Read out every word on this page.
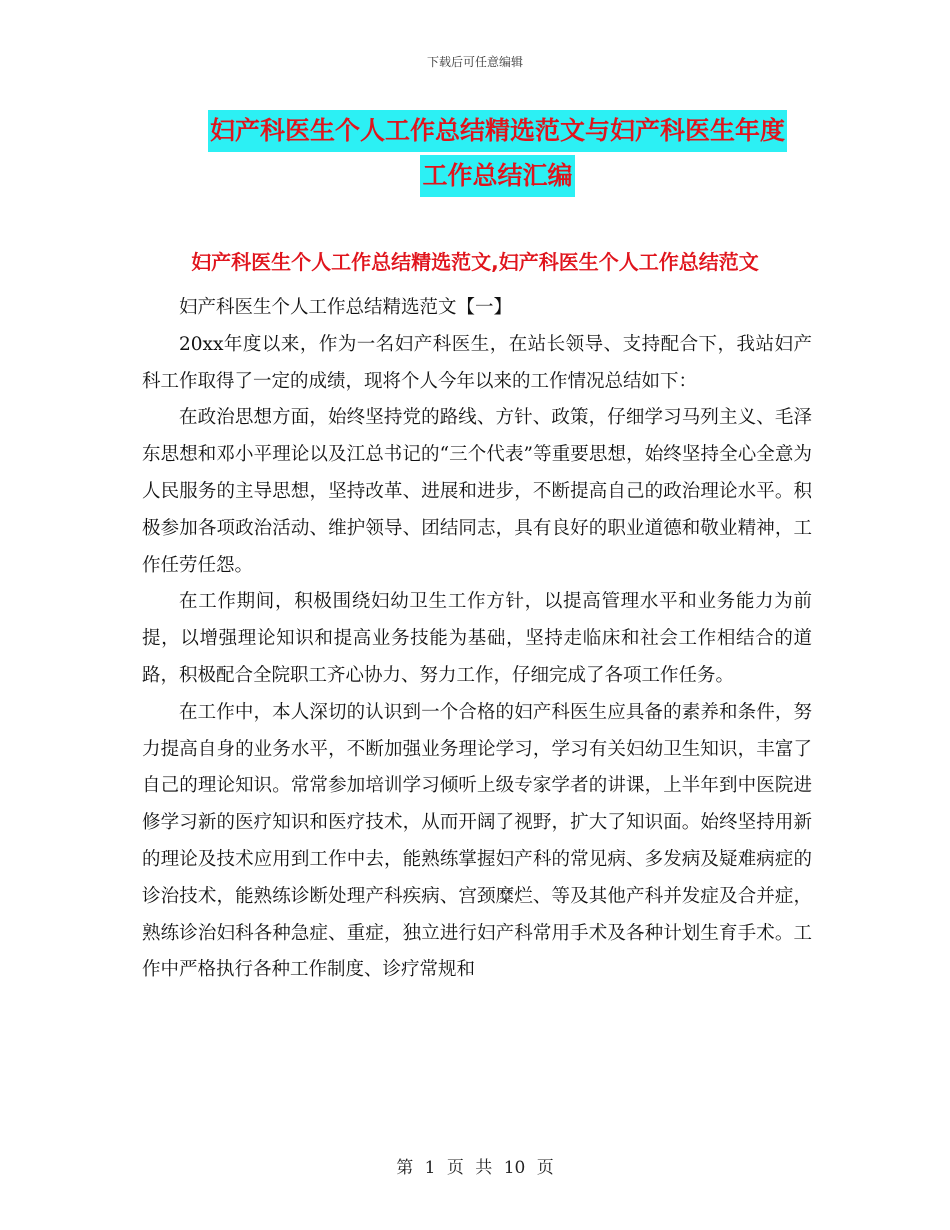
下载后可任意编辑
妇产科医生个人工作总结精选范文与妇产科医生年度
工作总结汇编
妇产科医生个人工作总结精选范文,妇产科医生个人工作总结范文

妇产科医生个人工作总结精选范文【一】

20xx年度以来，作为一名妇产科医生，在站长领导、支持配合下，我站妇产科工作取得了一定的成绩，现将个人今年以来的工作情况总结如下：

在政治思想方面，始终坚持党的路线、方针、政策，仔细学习马列主义、毛泽东思想和邓小平理论以及江总书记的“三个代表”等重要思想，始终坚持全心全意为人民服务的主导思想，坚持改革、进展和进步，不断提高自己的政治理论水平。积极参加各项政治活动、维护领导、团结同志，具有良好的职业道德和敬业精神，工作任劳任怨。

在工作期间，积极围绕妇幼卫生工作方针，以提高管理水平和业务能力为前提，以增强理论知识和提高业务技能为基础，坚持走临床和社会工作相结合的道路，积极配合全院职工齐心协力、努力工作，仔细完成了各项工作任务。

在工作中，本人深切的认识到一个合格的妇产科医生应具备的素养和条件，努力提高自身的业务水平，不断加强业务理论学习，学习有关妇幼卫生知识，丰富了自己的理论知识。常常参加培训学习倾听上级专家学者的讲课，上半年到中医院进修学习新的医疗知识和医疗技术，从而开阔了视野，扩大了知识面。始终坚持用新的理论及技术应用到工作中去，能熟练掌握妇产科的常见病、多发病及疑难病症的诊治技术，能熟练诊断处理产科疾病、宫颈糜烂、等及其他产科并发症及合并症，熟练诊治妇科各种急症、重症，独立进行妇产科常用手术及各种计划生育手术。工作中严格执行各种工作制度、诊疗常规和

第 1 页 共 10 页
